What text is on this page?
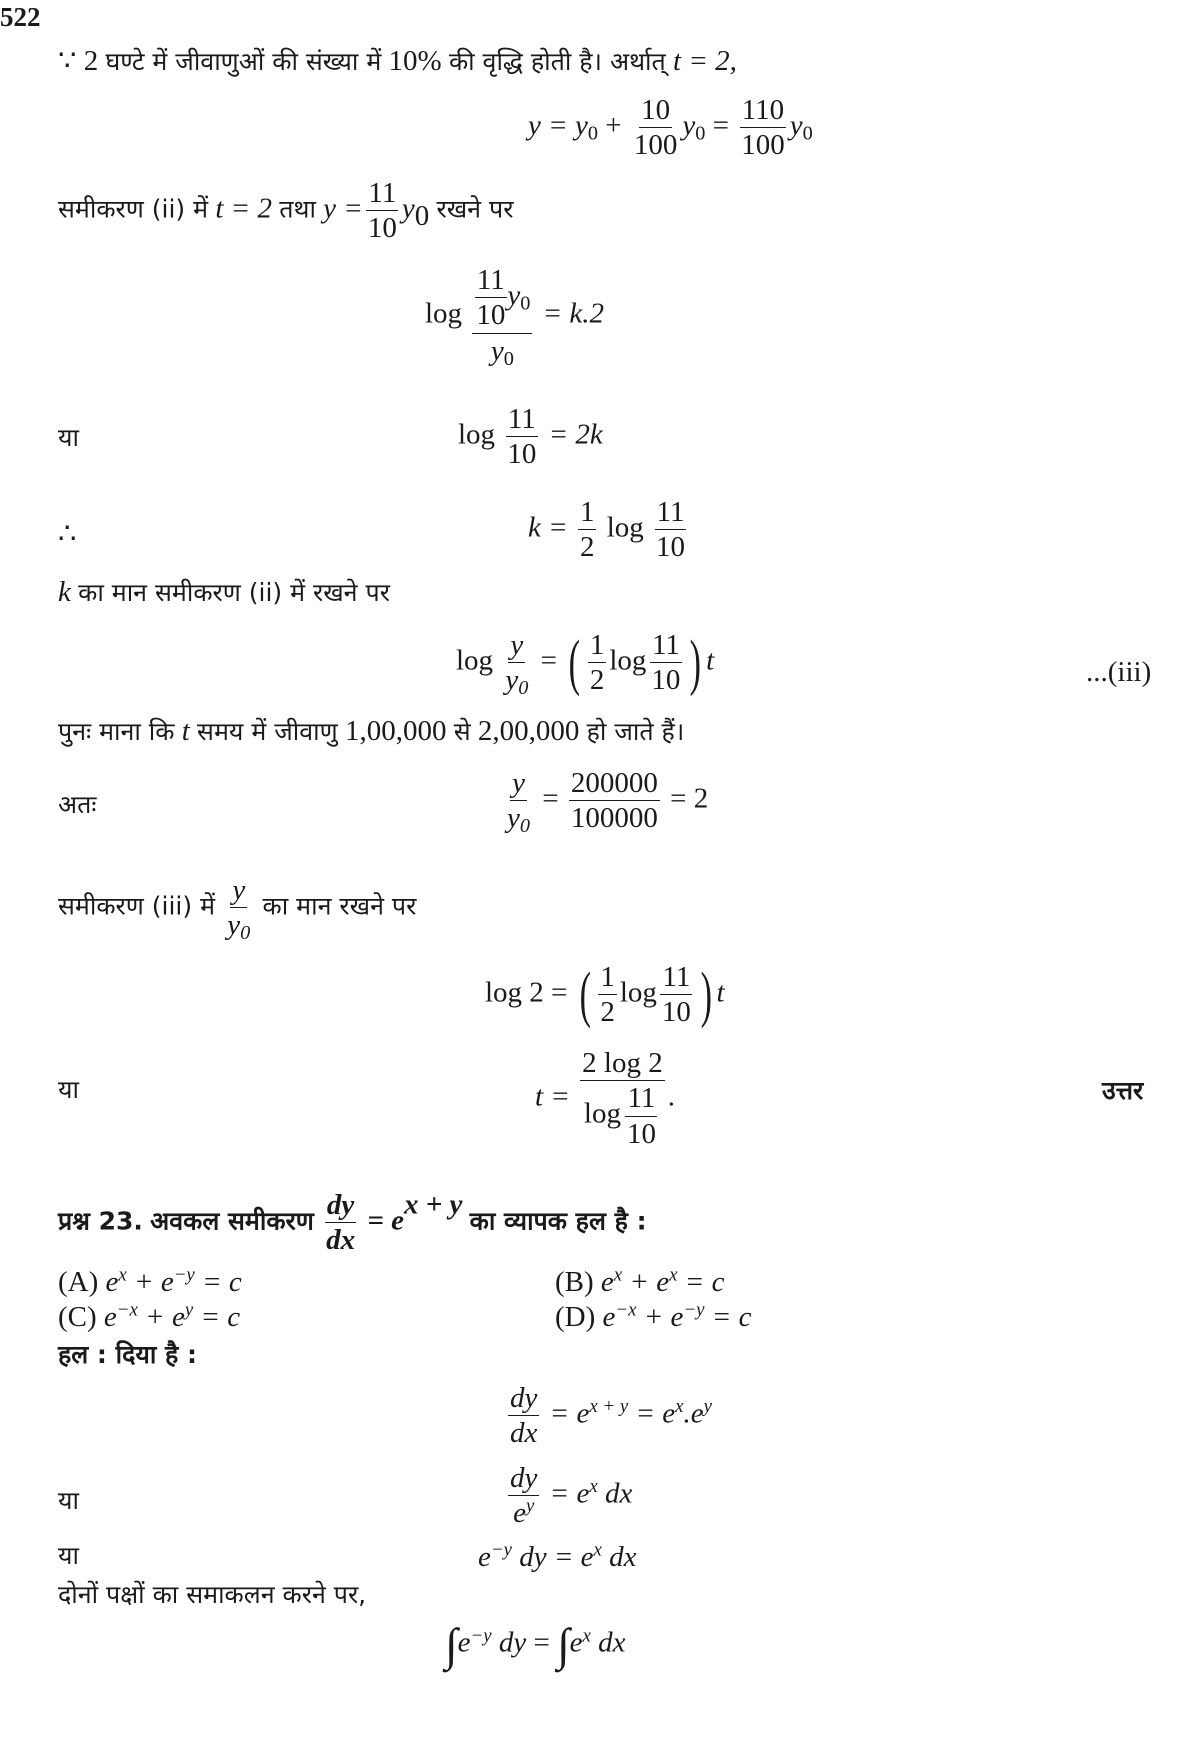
522
∵ 2 घण्टे में जीवाणुओं की संख्या में 10% की वृद्धि होती है। अर्थात् t = 2,
$y = y_0 + \frac{10}{100} y_0 = \frac{110}{100} y_0$
समीकरण (ii) में t = 2 तथा $y = \frac{11}{10} y_0$ रखने पर
$\log \frac{\frac{11}{10} y_0}{y_0} = k.2$
या	$\log \frac{11}{10} = 2k$
∴	$k = \frac{1}{2}$ $\log \frac{11}{10}$
k का मान समीकरण (ii) में रखने पर
$\log \frac{y}{y_0}$ = ( $\frac{1}{2}$ $\log \frac{11}{10}$ ) t	...(iii)
पुनः माना कि t समय में जीवाणु 1,00,000 से 2,00,000 हो जाते हैं।
अतः	$\frac{y}{y_0} = \frac{200000}{100000} = 2$
समीकरण (iii) में $\frac{y}{y_0}$ का मान रखने पर
log 2 = ( $\frac{1}{2}$ $\log \frac{11}{10}$ ) t
या	$t = \frac{2 \log 2}{\log \frac{11}{10}}$ .	उत्तर
प्रश्न 23. अवकल समीकरण $\frac{dy}{dx} = e^{x + y}$ का व्यापक हल है :
(A) $e^x + e^{-y} = c$	(B) $e^x + e^x = c$
(C) $e^{-x} + e^y = c$	(D) $e^{-x} + e^{-y} = c$
हल : दिया है :
$\frac{dy}{dx} = e^{x + y} = e^x.e^y$
या	$\frac{dy}{e^y} = e^x$ dx
या	$e^{-y}$ dy = $e^x$ dx
दोनों पक्षों का समाकलन करने पर,
$\int e^{-y}$ dy = $\int e^x$ dx
